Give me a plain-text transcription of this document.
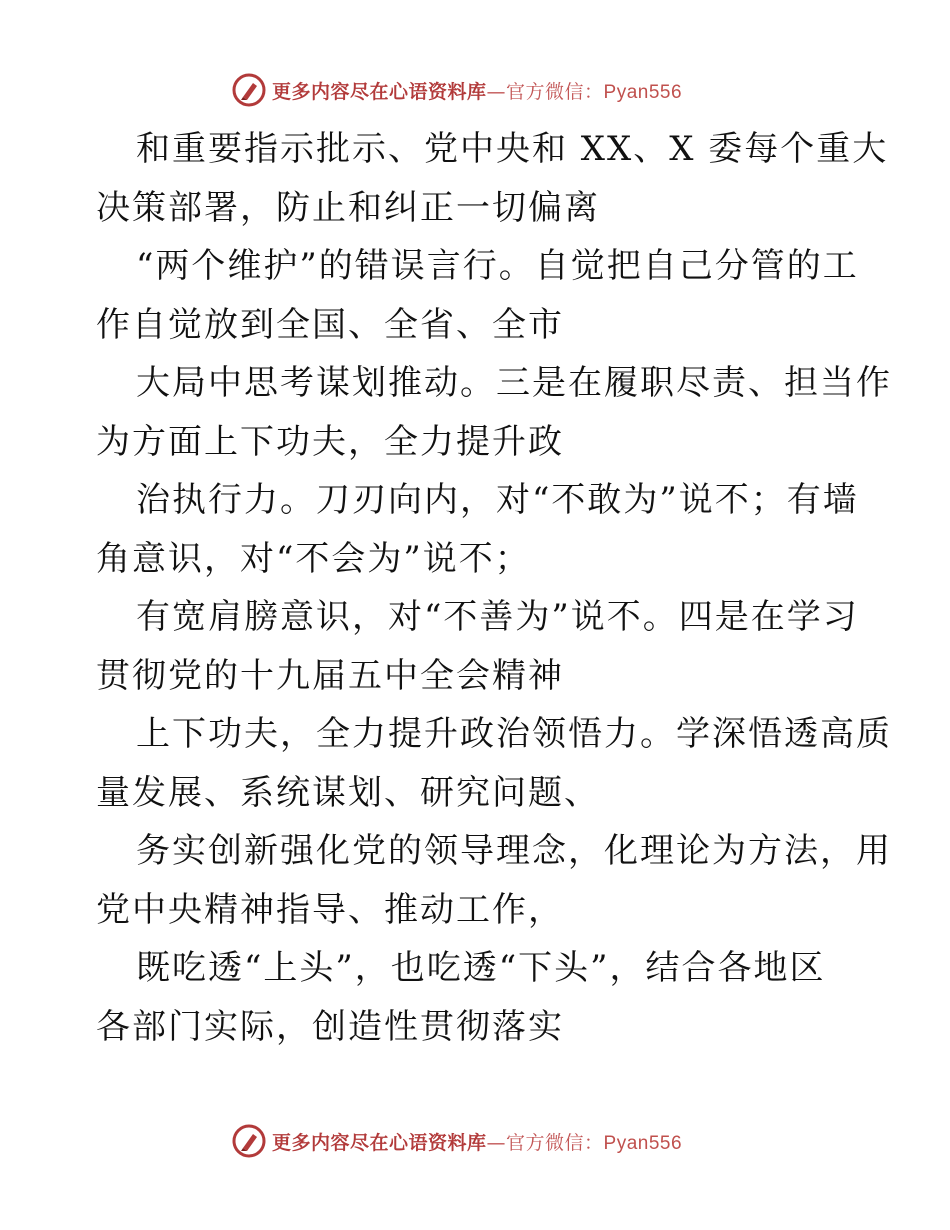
更多内容尽在心语资料库—官方微信：Pyan556
和重要指示批示、党中央和 XX、X 委每个重大
决策部署，防止和纠正一切偏离
“两个维护”的错误言行。自觉把自己分管的工
作自觉放到全国、全省、全市
大局中思考谋划推动。三是在履职尽责、担当作
为方面上下功夫，全力提升政
治执行力。刀刃向内，对“不敢为”说不；有墙
角意识，对“不会为”说不；
有宽肩膀意识，对“不善为”说不。四是在学习
贯彻党的十九届五中全会精神
上下功夫，全力提升政治领悟力。学深悟透高质
量发展、系统谋划、研究问题、
务实创新强化党的领导理念，化理论为方法，用
党中央精神指导、推动工作，
既吃透“上头”，也吃透“下头”，结合各地区
各部门实际，创造性贯彻落实
更多内容尽在心语资料库—官方微信：Pyan556
